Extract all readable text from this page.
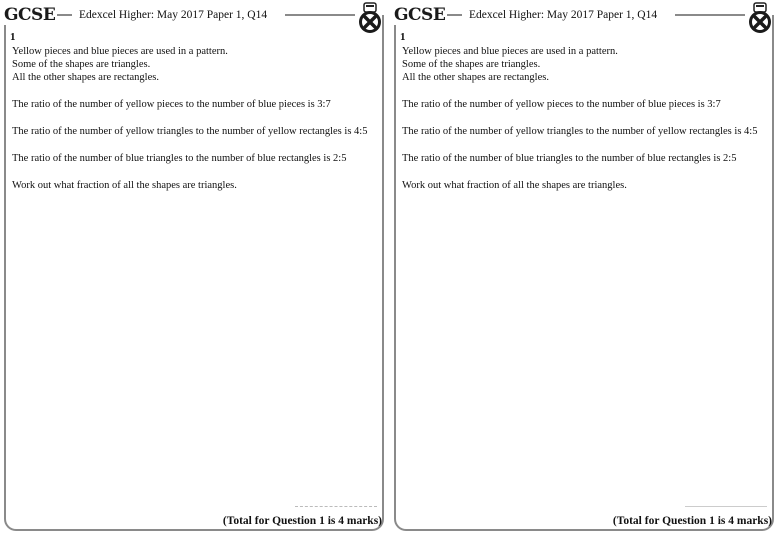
GCSE Edexcel Higher: May 2017 Paper 1, Q14
1

Yellow pieces and blue pieces are used in a pattern.

Some of the shapes are triangles.

All the other shapes are rectangles.

The ratio of the number of yellow pieces to the number of blue pieces is 3:7

The ratio of the number of yellow triangles to the number of yellow rectangles is 4:5

The ratio of the number of blue triangles to the number of blue rectangles is 2:5

Work out what fraction of all the shapes are triangles.

(Total for Question 1 is 4 marks)
GCSE Edexcel Higher: May 2017 Paper 1, Q14
1

Yellow pieces and blue pieces are used in a pattern.

Some of the shapes are triangles.

All the other shapes are rectangles.

The ratio of the number of yellow pieces to the number of blue pieces is 3:7

The ratio of the number of yellow triangles to the number of yellow rectangles is 4:5

The ratio of the number of blue triangles to the number of blue rectangles is 2:5

Work out what fraction of all the shapes are triangles.

(Total for Question 1 is 4 marks)
